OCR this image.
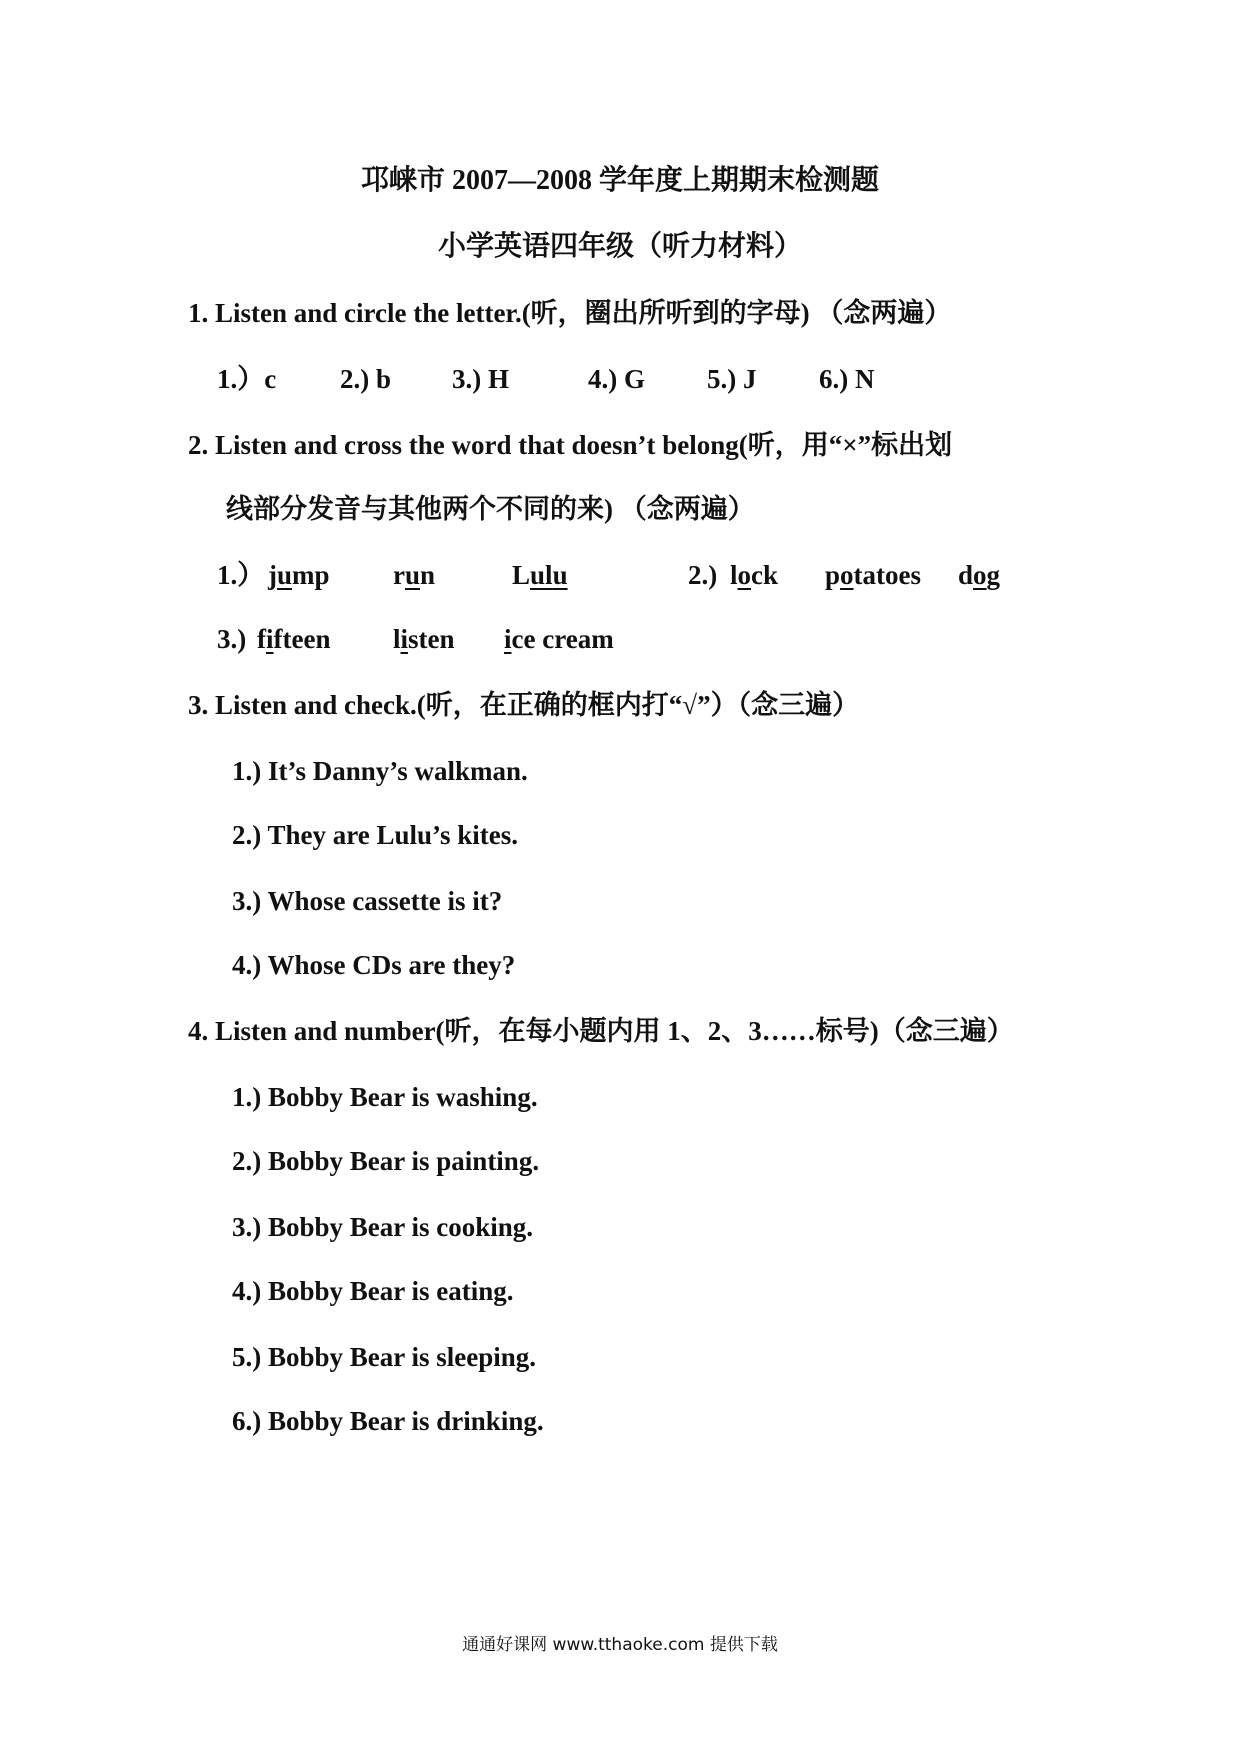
邛崃市 2007—2008 学年度上期期末检测题
小学英语四年级（听力材料）
1. Listen and circle the letter.(听，圈出所听到的字母) （念两遍）
1.）c 2.) b 3.) H	4.) G 5.) J 6.) N
2. Listen and cross the word that doesn’t belong(听，用“×”标出划
线部分发音与其他两个不同的来) （念两遍）
1.） jump run	Lulu	2.) lock potatoes dog
3.) fifteen listen ice cream
3. Listen and check.(听，在正确的框内打“√”）（念三遍）
1.) It’s Danny’s walkman.
2.) They are Lulu’s kites.
3.) Whose cassette is it?
4.) Whose CDs are they?
4. Listen and number(听，在每小题内用 1、2、3……标号)（念三遍）
1.) Bobby Bear is washing.
2.) Bobby Bear is painting.
3.) Bobby Bear is cooking.
4.) Bobby Bear is eating.
5.) Bobby Bear is sleeping.
6.) Bobby Bear is drinking.
通通好课网 www.tthaoke.com 提供下载
